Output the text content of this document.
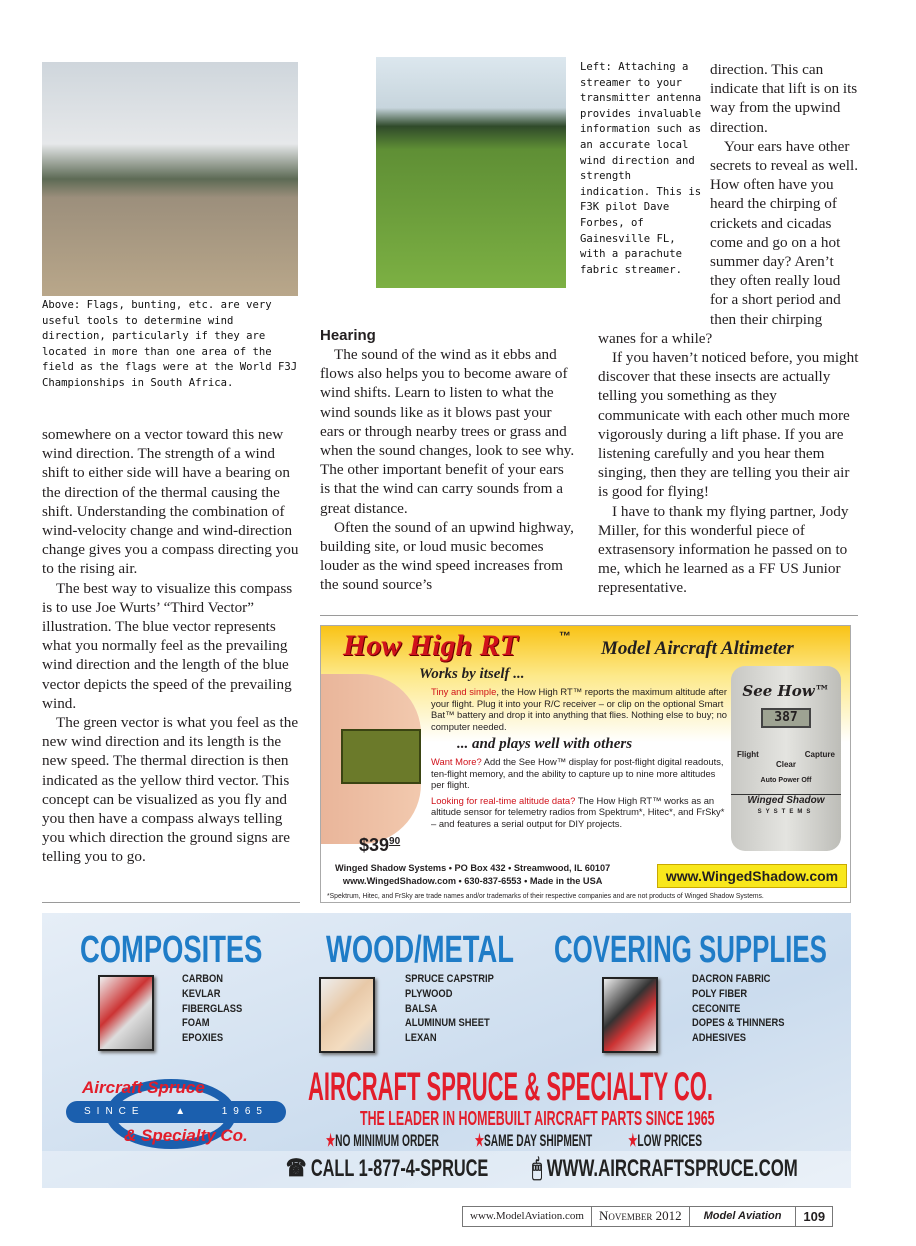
Left: Attaching a streamer to your transmitter antenna provides invaluable information such as an accurate local wind direction and strength indication. This is F3K pilot Dave Forbes, of Gainesville FL, with a parachute fabric streamer.
Above: Flags, bunting, etc. are very useful tools to determine wind direction, particularly if they are located in more than one area of the field as the flags were at the World F3J Championships in South Africa.

somewhere on a vector toward this new wind direction. The strength of a wind shift to either side will have a bearing on the direction of the thermal causing the shift. Understanding the combination of wind-velocity change and wind-direction change gives you a compass directing you to the rising air.

The best way to visualize this compass is to use Joe Wurts’ “Third Vector” illustration. The blue vector represents what you normally feel as the prevailing wind direction and the length of the blue vector depicts the speed of the prevailing wind.

The green vector is what you feel as the new wind direction and its length is the new speed. The thermal direction is then indicated as the yellow third vector. This concept can be visualized as you fly and you then have a compass always telling you which direction the ground signs are telling you to go.

Hearing

The sound of the wind as it ebbs and flows also helps you to become aware of wind shifts. Learn to listen to what the wind sounds like as it blows past your ears or through nearby trees or grass and when the sound changes, look to see why. The other important benefit of your ears is that the wind can carry sounds from a great distance.

Often the sound of an upwind highway, building site, or loud music becomes louder as the wind speed increases from the sound source’s

direction. This can indicate that lift is on its way from the upwind direction.

Your ears have other secrets to reveal as well. How often have you heard the chirping of crickets and cicadas come and go on a hot summer day? Aren’t they often really loud for a short period and then their chirping wanes for a while?

If you haven’t noticed before, you might discover that these insects are actually telling you something as they communicate with each other much more vigorously during a lift phase. If you are listening carefully and you hear them singing, then they are telling you their air is good for flying!

I have to thank my flying partner, Jody Miller, for this wonderful piece of extrasensory information he passed on to me, which he learned as a FF US Junior representative.

How High RT	™
Model Aircraft Altimeter
Works by itself ...

Tiny and simple, the How High RT™ reports the maximum altitude after your flight. Plug it into your R/C receiver – or clip on the optional Smart Bat™ battery and drop it into anything that flies. Nothing else to buy; no computer needed.

... and plays well with others

Want More? Add the See How™ display for post-flight digital readouts, ten-flight memory, and the ability to capture up to nine more altitudes per flight.

Looking for real-time altitude data? The How High RT™ works as an altitude sensor for telemetry radios from Spektrum*, Hitec*, and FrSky* – and features a serial output for DIY projects.

$\$39^{90}$
See How™
387
Flight	Capture
Clear
Auto Power Off
Winged Shadow
SYSTEMS
Winged Shadow Systems • PO Box 432 • Streamwood, IL 60107
www.WingedShadow.com • 630-837-6553 • Made in the USA	www.WingedShadow.com
*Spektrum, Hitec, and FrSky are trade names and/or trademarks of their respective companies and are not products of Winged Shadow Systems.
COMPOSITES
CARBON
KEVLAR
FIBERGLASS
FOAM
EPOXIES
WOOD/METAL
SPRUCE CAPSTRIP
PLYWOOD
BALSA
ALUMINUM SHEET
LEXAN
COVERING SUPPLIES
DACRON FABRIC
POLY FIBER
CECONITE
DOPES & THINNERS
ADHESIVES
SINCE	▲	1965
Aircraft Spruce
& Specialty Co.
AIRCRAFT SPRUCE & SPECIALTY CO.
THE LEADER IN HOMEBUILT AIRCRAFT PARTS SINCE 1965
★NO MINIMUM ORDER ★SAME DAY SHIPMENT ★LOW PRICES
☎ CALL 1-877-4-SPRUCE 🖱 WWW.AIRCRAFTSPRUCE.COM
www.ModelAviation.com	November 2012	Model Aviation	109
